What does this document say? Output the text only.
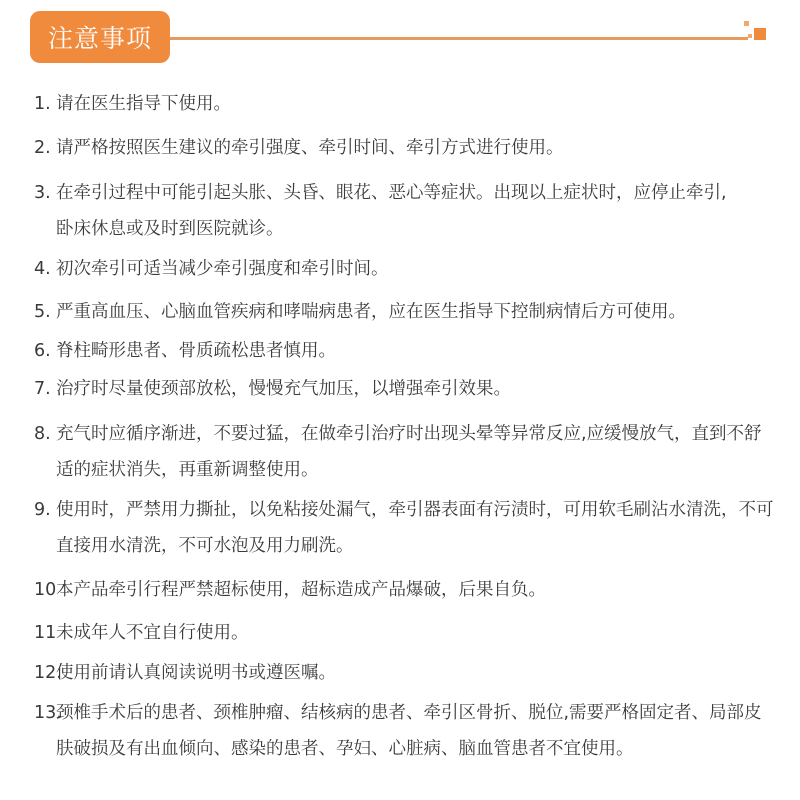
注意事项
1. 请在医生指导下使用。
2. 请严格按照医生建议的牵引强度、牵引时间、牵引方式进行使用。
3. 在牵引过程中可能引起头胀、头昏、眼花、恶心等症状。出现以上症状时，应停止牵引,
卧床休息或及时到医院就诊。
4. 初次牵引可适当减少牵引强度和牵引时间。
5. 严重高血压、心脑血管疾病和哮喘病患者，应在医生指导下控制病情后方可使用。
6. 脊柱畸形患者、骨质疏松患者慎用。
7. 治疗时尽量使颈部放松，慢慢充气加压，以增强牵引效果。
8. 充气时应循序渐进，不要过猛，在做牵引治疗时出现头晕等异常反应,应缓慢放气，直到不舒
适的症状消失，再重新调整使用。
9. 使用时，严禁用力撕扯，以免粘接处漏气，牵引器表面有污渍时，可用软毛刷沾水清洗，不可
直接用水清洗，不可水泡及用力刷洗。
10 本产品牵引行程严禁超标使用，超标造成产品爆破，后果自负。
11 未成年人不宜自行使用。
12.
使用前请认真阅读说明书或遵医嘱。
13.
颈椎手术后的患者、颈椎肿瘤、结核病的患者、牵引区骨折、脱位,需要严格固定者、局部皮
肤破损及有出血倾向、感染的患者、孕妇、心脏病、脑血管患者不宜使用。
